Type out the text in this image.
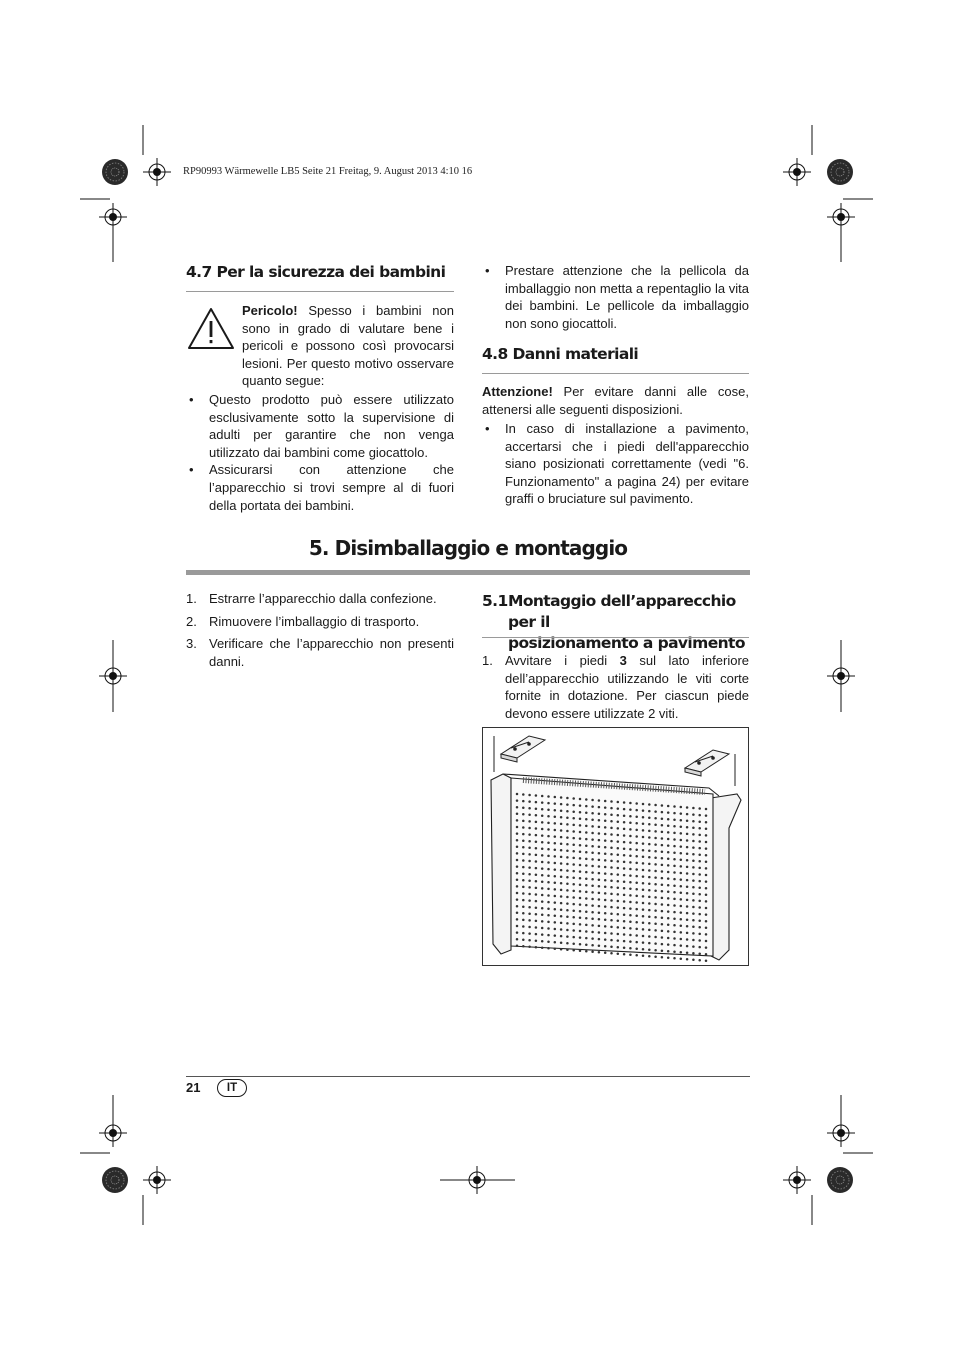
RP90993 Wärmewelle LB5 Seite 21 Freitag, 9. August 2013 4:10 16
4.7 Per la sicurezza dei bambini

Pericolo! Spesso i bambini non sono in grado di valutare bene i pericoli e possono così provocarsi lesioni. Per questo motivo osservare quanto segue:

• Questo prodotto può essere utilizzato esclusivamente sotto la supervisione di adulti per garantire che non venga utilizzato dai bambini come giocattolo.
• Assicurarsi con attenzione che l’apparecchio si trovi sempre al di fuori della portata dei bambini.
• Prestare attenzione che la pellicola da imballaggio non metta a repentaglio la vita dei bambini. Le pellicole da imballaggio non sono giocattoli.
4.8 Danni materiali

Attenzione! Per evitare danni alle cose, attenersi alle seguenti disposizioni.

• In caso di installazione a pavimento, accertarsi che i piedi dell'apparecchio siano posizionati correttamente (vedi "6. Funzionamento" a pagina 24) per evitare graffi o bruciature sul pavimento.
5. Disimballaggio e montaggio
1. Estrarre l’apparecchio dalla confezione.
2. Rimuovere l’imballaggio di trasporto.
3. Verificare che l’apparecchio non presenti danni.
5.1 Montaggio dell’apparecchio per il
posizionamento a pavimento
1. Avvitare i piedi 3 sul lato inferiore dell’apparecchio utilizzando le viti corte fornite in dotazione. Per ciascun piede devono essere utilizzate 2 viti.
21	IT
